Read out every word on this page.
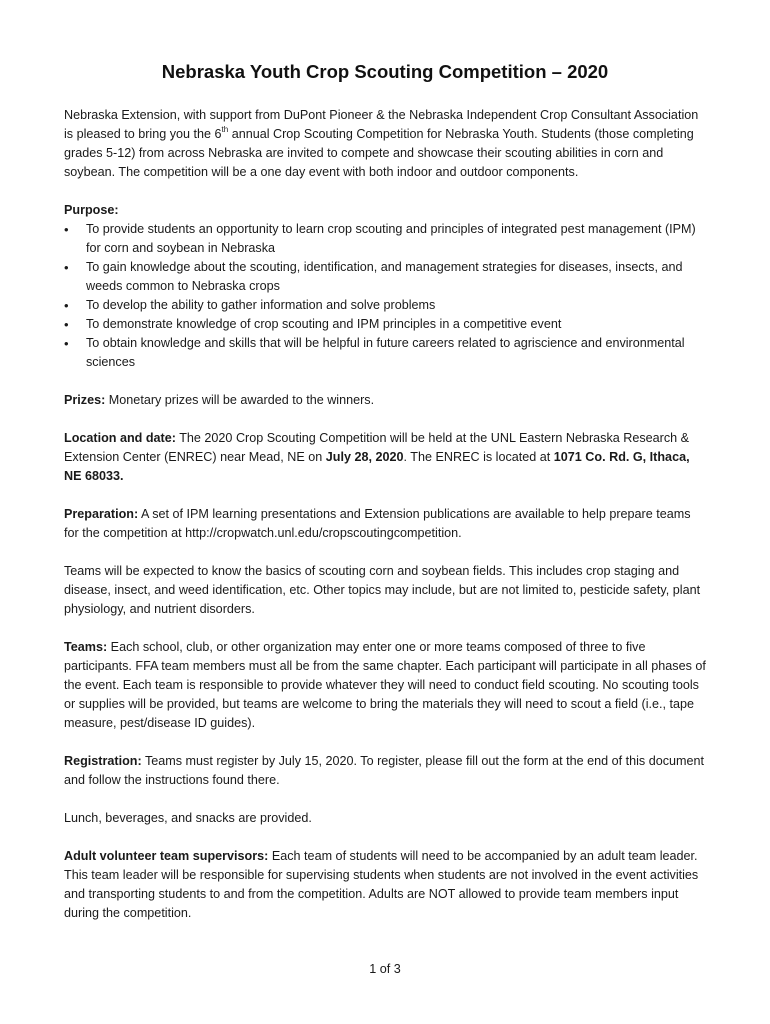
Nebraska Youth Crop Scouting Competition – 2020

Nebraska Extension, with support from DuPont Pioneer & the Nebraska Independent Crop Consultant Association is pleased to bring you the 6th annual Crop Scouting Competition for Nebraska Youth. Students (those completing grades 5-12) from across Nebraska are invited to compete and showcase their scouting abilities in corn and soybean. The competition will be a one day event with both indoor and outdoor components.

Purpose:
• To provide students an opportunity to learn crop scouting and principles of integrated pest management (IPM) for corn and soybean in Nebraska
• To gain knowledge about the scouting, identification, and management strategies for diseases, insects, and weeds common to Nebraska crops
• To develop the ability to gather information and solve problems
• To demonstrate knowledge of crop scouting and IPM principles in a competitive event
• To obtain knowledge and skills that will be helpful in future careers related to agriscience and environmental sciences

Prizes: Monetary prizes will be awarded to the winners.

Location and date: The 2020 Crop Scouting Competition will be held at the UNL Eastern Nebraska Research & Extension Center (ENREC) near Mead, NE on July 28, 2020. The ENREC is located at 1071 Co. Rd. G, Ithaca, NE 68033.

Preparation: A set of IPM learning presentations and Extension publications are available to help prepare teams for the competition at http://cropwatch.unl.edu/cropscoutingcompetition.

Teams will be expected to know the basics of scouting corn and soybean fields. This includes crop staging and disease, insect, and weed identification, etc. Other topics may include, but are not limited to, pesticide safety, plant physiology, and nutrient disorders.

Teams: Each school, club, or other organization may enter one or more teams composed of three to five participants. FFA team members must all be from the same chapter. Each participant will participate in all phases of the event. Each team is responsible to provide whatever they will need to conduct field scouting. No scouting tools or supplies will be provided, but teams are welcome to bring the materials they will need to scout a field (i.e., tape measure, pest/disease ID guides).

Registration: Teams must register by July 15, 2020. To register, please fill out the form at the end of this document and follow the instructions found there.

Lunch, beverages, and snacks are provided.

Adult volunteer team supervisors: Each team of students will need to be accompanied by an adult team leader. This team leader will be responsible for supervising students when students are not involved in the event activities and transporting students to and from the competition. Adults are NOT allowed to provide team members input during the competition.

1 of 3
